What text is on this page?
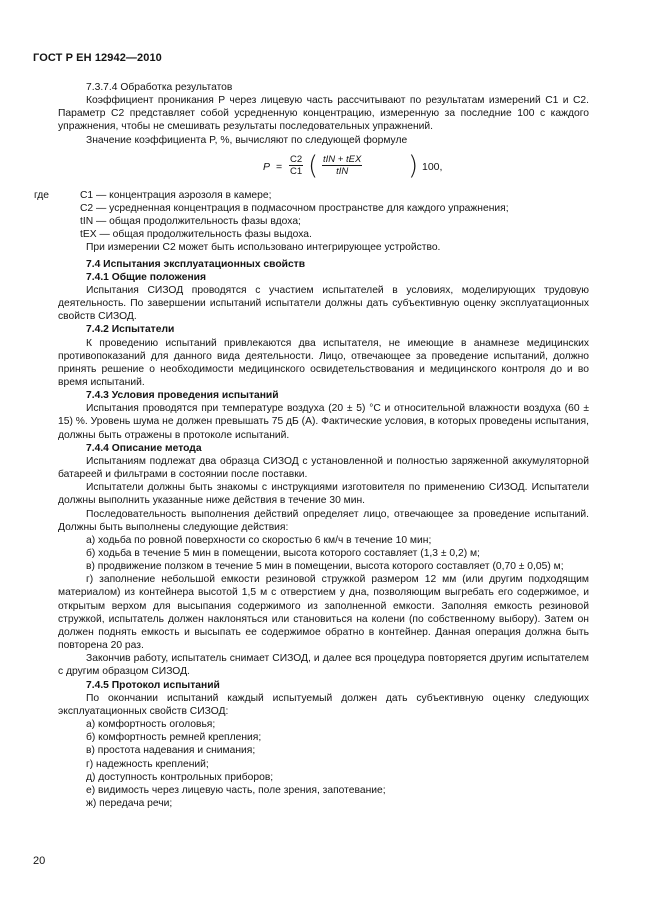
ГОСТ Р ЕН 12942—2010

7.3.7.4 Обработка результатов

Коэффициент проникания P через лицевую часть рассчитывают по результатам измерений C1 и C2. Параметр C2 представляет собой усредненную концентрацию, измеренную за последние 100 с каждого упражнения, чтобы не смешивать результаты последовательных упражнений.

Значение коэффициента P, %, вычисляют по следующей формуле

P =
C2
C1 ( tIN + tEX
tIN	) 100,
где	C1 — концентрация аэрозоля в камере;
C2 — усредненная концентрация в подмасочном пространстве для каждого упражнения;
tIN — общая продолжительность фазы вдоха;
tEX — общая продолжительность фазы выдоха.

При измерении C2 может быть использовано интегрирующее устройство.

7.4 Испытания эксплуатационных свойств

7.4.1 Общие положения

Испытания СИЗОД проводятся с участием испытателей в условиях, моделирующих трудовую деятельность. По завершении испытаний испытатели должны дать субъективную оценку эксплуатационных свойств СИЗОД.

7.4.2 Испытатели

К проведению испытаний привлекаются два испытателя, не имеющие в анамнезе медицинских противопоказаний для данного вида деятельности. Лицо, отвечающее за проведение испытаний, должно принять решение о необходимости медицинского освидетельствования и медицинского контроля до и во время испытаний.

7.4.3 Условия проведения испытаний

Испытания проводятся при температуре воздуха (20 ± 5) °С и относительной влажности воздуха (60 ± 15) %. Уровень шума не должен превышать 75 дБ (А). Фактические условия, в которых проведены испытания, должны быть отражены в протоколе испытаний.

7.4.4 Описание метода

Испытаниям подлежат два образца СИЗОД с установленной и полностью заряженной аккумуляторной батареей и фильтрами в состоянии после поставки.

Испытатели должны быть знакомы с инструкциями изготовителя по применению СИЗОД. Испытатели должны выполнить указанные ниже действия в течение 30 мин.

Последовательность выполнения действий определяет лицо, отвечающее за проведение испытаний. Должны быть выполнены следующие действия:

а) ходьба по ровной поверхности со скоростью 6 км/ч в течение 10 мин;

б) ходьба в течение 5 мин в помещении, высота которого составляет (1,3 ± 0,2) м;

в) продвижение ползком в течение 5 мин в помещении, высота которого составляет (0,70 ± 0,05) м;

г) заполнение небольшой емкости резиновой стружкой размером 12 мм (или другим подходящим материалом) из контейнера высотой 1,5 м с отверстием у дна, позволяющим выгребать его содержимое, и открытым верхом для высыпания содержимого из заполненной емкости. Заполняя емкость резиновой стружкой, испытатель должен наклоняться или становиться на колени (по собственному выбору). Затем он должен поднять емкость и высыпать ее содержимое обратно в контейнер. Данная операция должна быть повторена 20 раз.

Закончив работу, испытатель снимает СИЗОД, и далее вся процедура повторяется другим испытателем с другим образцом СИЗОД.

7.4.5 Протокол испытаний

По окончании испытаний каждый испытуемый должен дать субъективную оценку следующих эксплуатационных свойств СИЗОД:

а) комфортность оголовья;

б) комфортность ремней крепления;

в) простота надевания и снимания;

г) надежность креплений;

д) доступность контрольных приборов;

е) видимость через лицевую часть, поле зрения, запотевание;

ж) передача речи;

20
